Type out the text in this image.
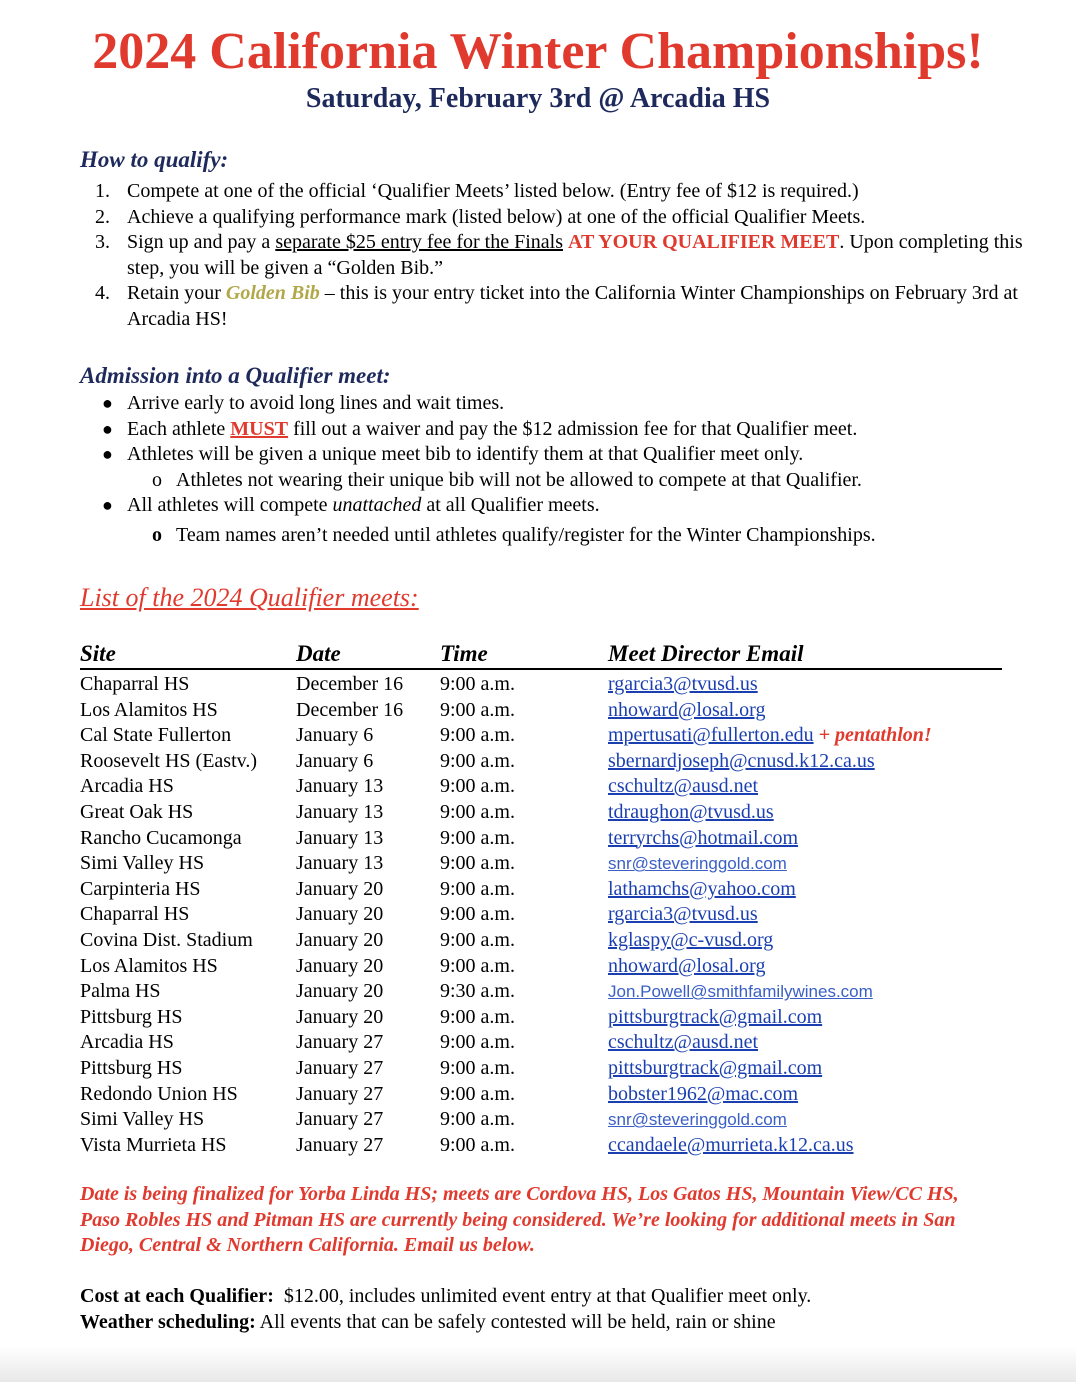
2024 California Winter Championships!
Saturday, February 3rd @ Arcadia HS
How to qualify:
1. Compete at one of the official ‘Qualifier Meets’ listed below. (Entry fee of $12 is required.)
2. Achieve a qualifying performance mark (listed below) at one of the official Qualifier Meets.
3. Sign up and pay a separate $25 entry fee for the Finals AT YOUR QUALIFIER MEET. Upon completing this step, you will be given a “Golden Bib.”
4. Retain your Golden Bib – this is your entry ticket into the California Winter Championships on February 3rd at Arcadia HS!
Admission into a Qualifier meet:
● Arrive early to avoid long lines and wait times.
● Each athlete MUST fill out a waiver and pay the $12 admission fee for that Qualifier meet.
● Athletes will be given a unique meet bib to identify them at that Qualifier meet only.
o Athletes not wearing their unique bib will not be allowed to compete at that Qualifier.
● All athletes will compete unattached at all Qualifier meets.
o Team names aren’t needed until athletes qualify/register for the Winter Championships.
List of the 2024 Qualifier meets:
Site	Date	Time	Meet Director Email
Chaparral HS	December 16 9:00 a.m.	rgarcia3@tvusd.us
Los Alamitos HS	December 16 9:00 a.m.	nhoward@losal.org
Cal State Fullerton	January 6	9:00 a.m.	mpertusati@fullerton.edu + pentathlon!
Roosevelt HS (Eastv.) January 6	9:00 a.m.	sbernardjoseph@cnusd.k12.ca.us
Arcadia HS	January 13	9:00 a.m.	cschultz@ausd.net
Great Oak HS	January 13	9:00 a.m.	tdraughon@tvusd.us
Rancho Cucamonga	January 13	9:00 a.m.	terryrchs@hotmail.com
Simi Valley HS	January 13	9:00 a.m.	snr@steveringgold.com
Carpinteria HS	January 20	9:00 a.m.	lathamchs@yahoo.com
Chaparral HS	January 20	9:00 a.m.	rgarcia3@tvusd.us
Covina Dist. Stadium January 20	9:00 a.m.	kglaspy@c-vusd.org
Los Alamitos HS	January 20	9:00 a.m.	nhoward@losal.org
Palma HS	January 20	9:30 a.m.	Jon.Powell@smithfamilywines.com
Pittsburg HS	January 20	9:00 a.m.	pittsburgtrack@gmail.com
Arcadia HS	January 27	9:00 a.m.	cschultz@ausd.net
Pittsburg HS	January 27	9:00 a.m.	pittsburgtrack@gmail.com
Redondo Union HS	January 27	9:00 a.m.	bobster1962@mac.com
Simi Valley HS	January 27	9:00 a.m.	snr@steveringgold.com
Vista Murrieta HS	January 27	9:00 a.m.	ccandaele@murrieta.k12.ca.us
Date is being finalized for Yorba Linda HS; meets are Cordova HS, Los Gatos HS, Mountain View/CC HS, Paso Robles HS and Pitman HS are currently being considered. We’re looking for additional meets in San Diego, Central & Northern California. Email us below.
Cost at each Qualifier:  $12.00, includes unlimited event entry at that Qualifier meet only.
Weather scheduling: All events that can be safely contested will be held, rain or shine
